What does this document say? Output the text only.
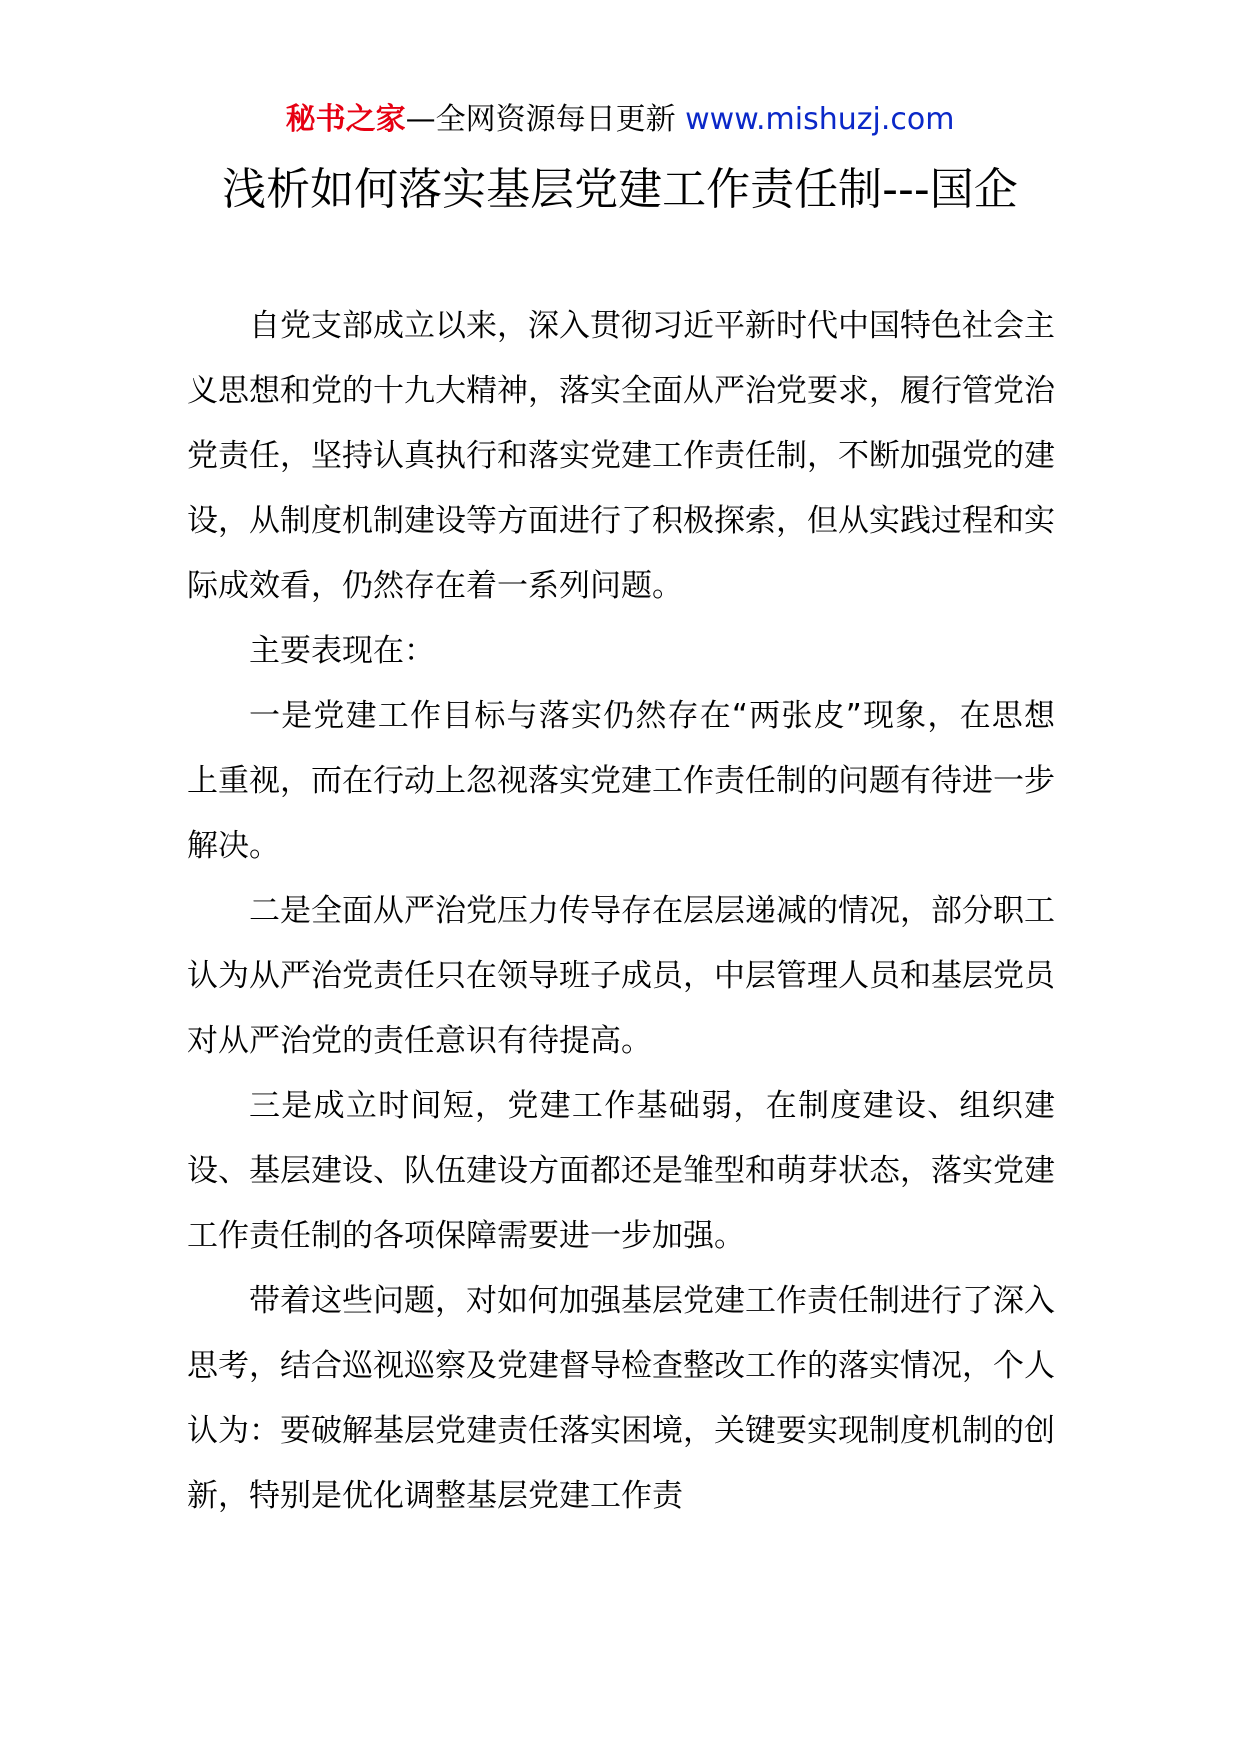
秘书之家—全网资源每日更新 www.mishuzj.com
浅析如何落实基层党建工作责任制---国企

自党支部成立以来，深入贯彻习近平新时代中国特色社会主义思想和党的十九大精神，落实全面从严治党要求，履行管党治党责任，坚持认真执行和落实党建工作责任制，不断加强党的建设，从制度机制建设等方面进行了积极探索，但从实践过程和实际成效看，仍然存在着一系列问题。

主要表现在：

一是党建工作目标与落实仍然存在“两张皮”现象，在思想上重视，而在行动上忽视落实党建工作责任制的问题有待进一步解决。

二是全面从严治党压力传导存在层层递减的情况，部分职工认为从严治党责任只在领导班子成员，中层管理人员和基层党员对从严治党的责任意识有待提高。

三是成立时间短，党建工作基础弱，在制度建设、组织建设、基层建设、队伍建设方面都还是雏型和萌芽状态，落实党建工作责任制的各项保障需要进一步加强。

带着这些问题，对如何加强基层党建工作责任制进行了深入思考，结合巡视巡察及党建督导检查整改工作的落实情况，个人认为：要破解基层党建责任落实困境，关键要实现制度机制的创新，特别是优化调整基层党建工作责
